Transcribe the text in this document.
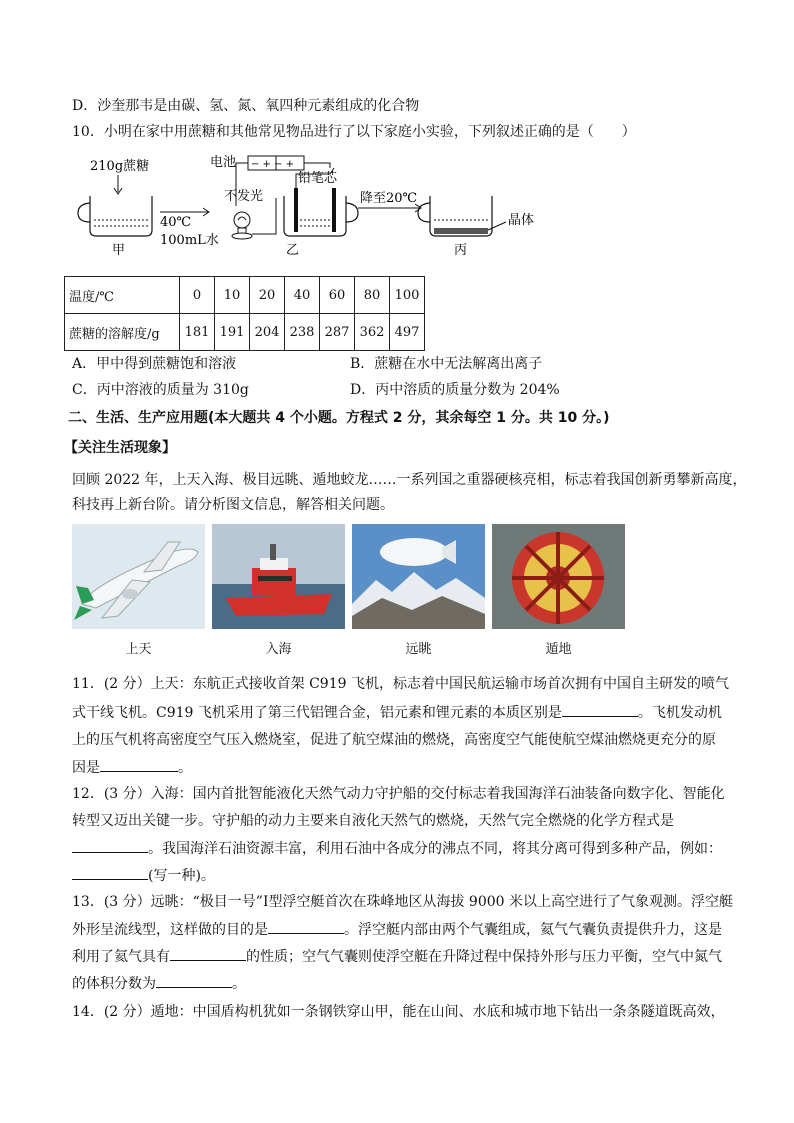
D．沙奎那韦是由碳、氢、氮、氧四种元素组成的化合物
10．小明在家中用蔗糖和其他常见物品进行了以下家庭小实验，下列叙述正确的是（　　）
210g蔗糖
甲
40℃
100mL水
电池 − + − +
不发光
铅笔芯
乙
降至20℃
晶体
丙
温度/℃	0	10	20	40	60	80	100
蔗糖的溶解度/g	181	191	204	238	287	362	497
A．甲中得到蔗糖饱和溶液	B．蔗糖在水中无法解离出离子
C．丙中溶液的质量为 310g	D．丙中溶质的质量分数为 204%
二、生活、生产应用题(本大题共 4 个小题。方程式 2 分，其余每空 1 分。共 10 分。)
【关注生活现象】
回顾 2022 年，上天入海、极目远眺、遁地蛟龙……一系列国之重器硬核亮相，标志着我国创新勇攀新高度，
科技再上新台阶。请分析图文信息，解答相关问题。
上天	入海	远眺	遁地
11．(2 分）上天：东航正式接收首架 C919 飞机，标志着中国民航运输市场首次拥有中国自主研发的喷气
式干线飞机。C919 飞机采用了第三代铝锂合金，铝元素和锂元素的本质区别是	。飞机发动机
上的压气机将高密度空气压入燃烧室，促进了航空煤油的燃烧，高密度空气能使航空煤油燃烧更充分的原
因是	。
12．(3 分）入海：国内首批智能液化天然气动力守护船的交付标志着我国海洋石油装备向数字化、智能化
转型又迈出关键一步。守护船的动力主要来自液化天然气的燃烧，天然气完全燃烧的化学方程式是
。我国海洋石油资源丰富，利用石油中各成分的沸点不同，将其分离可得到多种产品，例如：
(写一种)。
13．(3 分）远眺：“极目一号”Ⅰ型浮空艇首次在珠峰地区从海拔 9000 米以上高空进行了气象观测。浮空艇
外形呈流线型，这样做的目的是	。浮空艇内部由两个气囊组成，氦气气囊负责提供升力，这是
利用了氦气具有	的性质；空气气囊则使浮空艇在升降过程中保持外形与压力平衡，空气中氮气
的体积分数为	。
14．(2 分）遁地：中国盾构机犹如一条钢铁穿山甲，能在山间、水底和城市地下钻出一条条隧道既高效，
